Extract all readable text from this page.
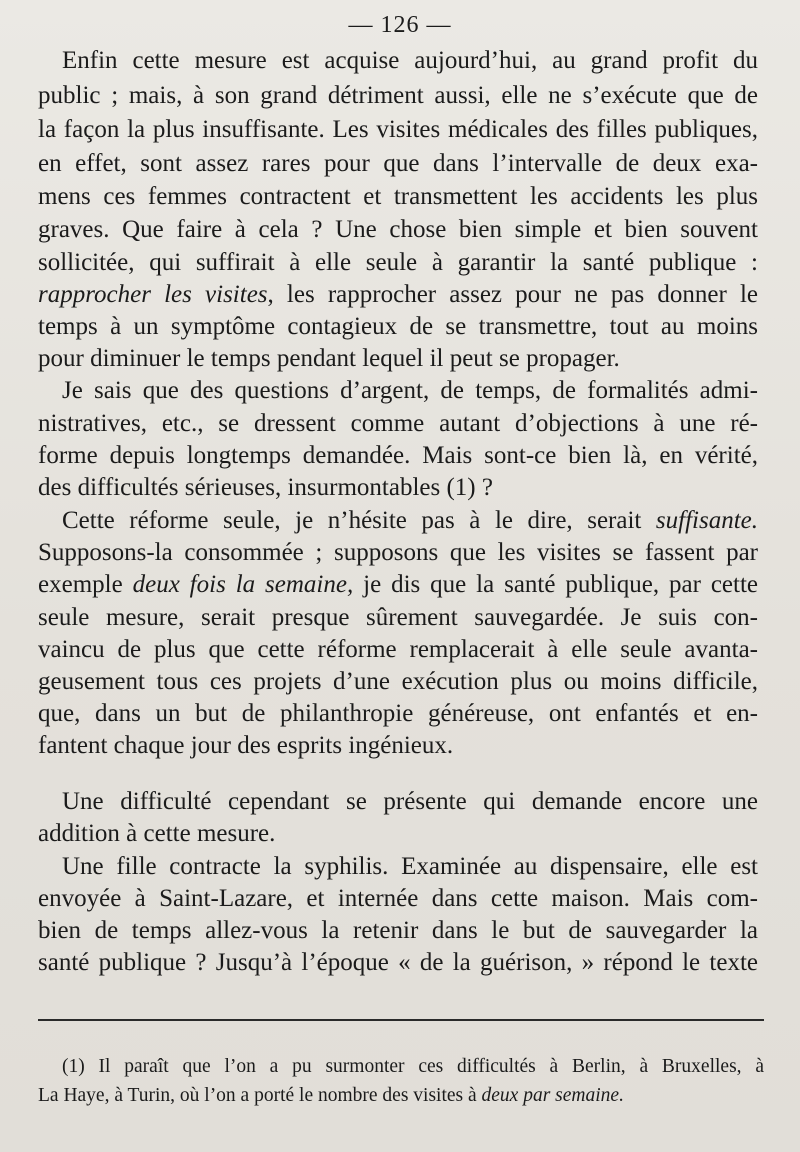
— 126 —
Enfin cette mesure est acquise aujourd’hui, au grand profit du
public ; mais, à son grand détriment aussi, elle ne s’exécute que de
la façon la plus insuffisante. Les visites médicales des filles publiques,
en effet, sont assez rares pour que dans l’intervalle de deux exa-
mens ces femmes contractent et transmettent les accidents les plus
graves. Que faire à cela ? Une chose bien simple et bien souvent
sollicitée, qui suffirait à elle seule à garantir la santé publique :
rapprocher les visites, les rapprocher assez pour ne pas donner le
temps à un symptôme contagieux de se transmettre, tout au moins
pour diminuer le temps pendant lequel il peut se propager.
Je sais que des questions d’argent, de temps, de formalités admi-
nistratives, etc., se dressent comme autant d’objections à une ré-
forme depuis longtemps demandée. Mais sont-ce bien là, en vérité,
des difficultés sérieuses, insurmontables (1) ?
Cette réforme seule, je n’hésite pas à le dire, serait suffisante.
Supposons-la consommée ; supposons que les visites se fassent par
exemple deux fois la semaine, je dis que la santé publique, par cette
seule mesure, serait presque sûrement sauvegardée. Je suis con-
vaincu de plus que cette réforme remplacerait à elle seule avanta-
geusement tous ces projets d’une exécution plus ou moins difficile,
que, dans un but de philanthropie généreuse, ont enfantés et en-
fantent chaque jour des esprits ingénieux.
Une difficulté cependant se présente qui demande encore une
addition à cette mesure.
Une fille contracte la syphilis. Examinée au dispensaire, elle est
envoyée à Saint-Lazare, et internée dans cette maison. Mais com-
bien de temps allez-vous la retenir dans le but de sauvegarder la
santé publique ? Jusqu’à l’époque « de la guérison, » répond le texte
(1) Il paraît que l’on a pu surmonter ces difficultés à Berlin, à Bruxelles, à
La Haye, à Turin, où l’on a porté le nombre des visites à deux par semaine.
